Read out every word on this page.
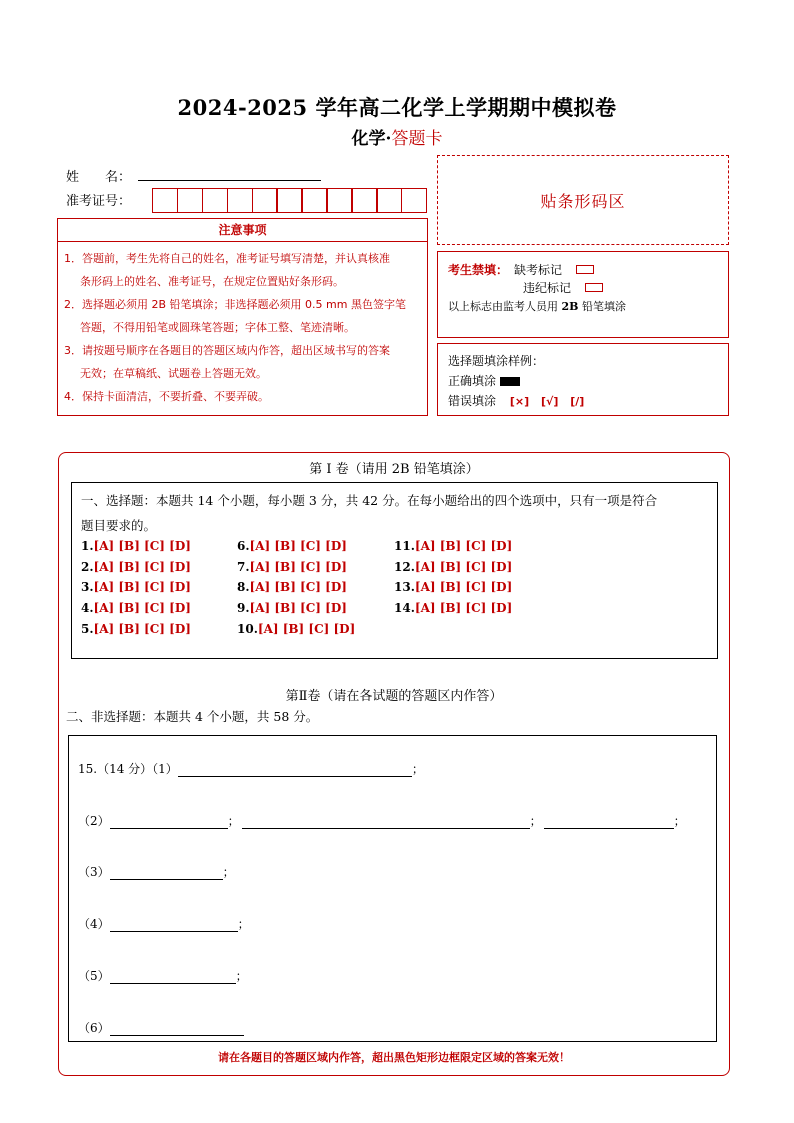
2024-2025 学年高二化学上学期期中模拟卷
化学·答题卡
姓　　名：
准考证号：	贴条形码区
注意事项
1．答题前，考生先将自己的姓名，准考证号填写清楚，并认真核准
条形码上的姓名、准考证号，在规定位置贴好条形码。
2．选择题必须用 2B 铅笔填涂；非选择题必须用 0.5 mm 黑色签字笔
答题，不得用铅笔或圆珠笔答题；字体工整、笔迹清晰。
3．请按题号顺序在各题目的答题区域内作答，超出区域书写的答案
无效；在草稿纸、试题卷上答题无效。
4．保持卡面清洁，不要折叠、不要弄破。
考生禁填： 缺考标记
违纪标记
以上标志由监考人员用 2B 铅笔填涂
选择题填涂样例：
正确填涂
错误填涂 [×] [√] [/]
第 I 卷（请用 2B 铅笔填涂）
一、选择题：本题共 14 个小题，每小题 3 分，共 42 分。在每小题给出的四个选项中，只有一项是符合
题目要求的。
1.[A] [B] [C] [D]
2.[A] [B] [C] [D]
3.[A] [B] [C] [D]
4.[A] [B] [C] [D]
5.[A] [B] [C] [D]
6.[A] [B] [C] [D]
7.[A] [B] [C] [D]
8.[A] [B] [C] [D]
9.[A] [B] [C] [D]
10.[A] [B] [C] [D]
11.[A] [B] [C] [D]
12.[A] [B] [C] [D]
13.[A] [B] [C] [D]
14.[A] [B] [C] [D]
第Ⅱ卷（请在各试题的答题区内作答）
二、非选择题：本题共 4 个小题，共 58 分。
15.（14 分）（1）	；
（2）	；	；	；
（3）	；
（4）	；
（5）	；
（6）
请在各题目的答题区域内作答，超出黑色矩形边框限定区域的答案无效！
